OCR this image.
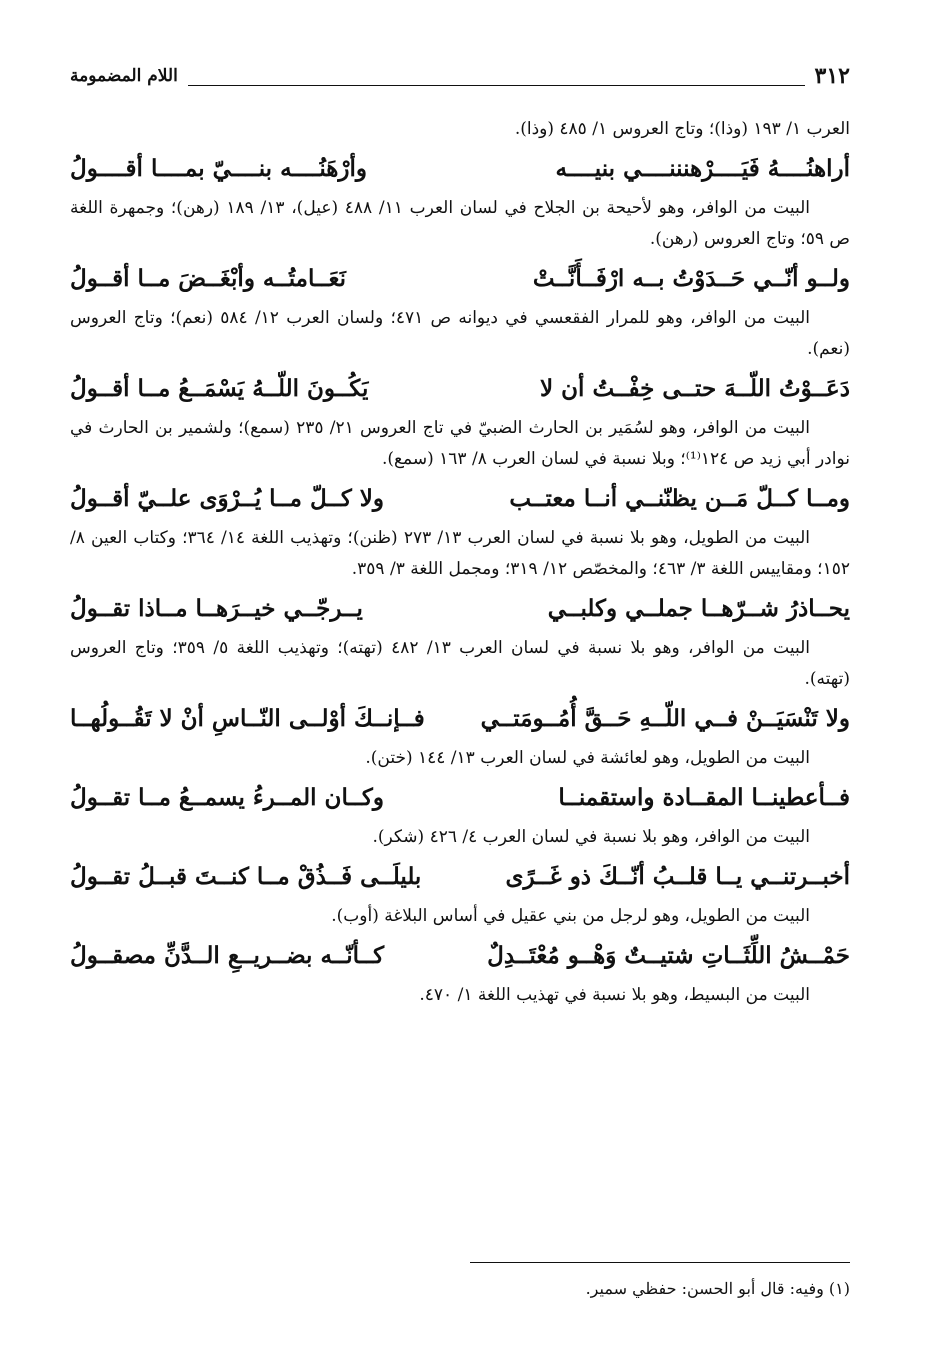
٣١٢
اللام المضمومة

العرب ١/ ١٩٣ (وذا)؛ وتاج العروس ١/ ٤٨٥ (وذا).

أراهنُــــهُ فَيَــــرْهنننــــي بنيــــه
وأرْهَنُــــه بنــــيّ بمــــا أقــــولُ

البيت من الوافر، وهو لأحيحة بن الجلاح في لسان العرب ١١/ ٤٨٨ (عيل)، ١٣/ ١٨٩ (رهن)؛ وجمهرة اللغة ص ٥٩؛ وتاج العروس (رهن).

ولــو أنّــي حَــدَوْتُ بــه ارْفَــأَنَّــتْ
نَعَــامتُــه وأبْغَــضَ مــا أقــولُ

البيت من الوافر، وهو للمرار الفقعسي في ديوانه ص ٤٧١؛ ولسان العرب ١٢/ ٥٨٤ (نعم)؛ وتاج العروس (نعم).

دَعَــوْتُ اللّــهَ حتــى خِفْــتُ أن لا
يَكُــونَ اللّــهُ يَسْمَــعُ مــا أقــولُ

البيت من الوافر، وهو لسُمَير بن الحارث الضبيّ في تاج العروس ٢١/ ٢٣٥ (سمع)؛ ولشمير بن الحارث في نوادر أبي زيد ص ١٢٤⁽¹⁾؛ وبلا نسبة في لسان العرب ٨/ ١٦٣ (سمع).

ومــا كــلّ مَــن يظنّنــي أنــا معتــب
ولا كــلّ مــا يُــرْوَى علــيّ أقــولُ

البيت من الطويل، وهو بلا نسبة في لسان العرب ١٣/ ٢٧٣ (ظنن)؛ وتهذيب اللغة ١٤/ ٣٦٤؛ وكتاب العين ٨/ ١٥٢؛ ومقاييس اللغة ٣/ ٤٦٣؛ والمخصّص ١٢/ ٣١٩؛ ومجمل اللغة ٣/ ٣٥٩.

يحــاذرُ شــرّهــا جملــي وكلبــي
يــرجّــي خيــرَهــا مــاذا تقــولُ

البيت من الوافر، وهو بلا نسبة في لسان العرب ١٣/ ٤٨٢ (تهته)؛ وتهذيب اللغة ٥/ ٣٥٩؛ وتاج العروس (تهته).

ولا تَنْسَيَــنْ فــي اللّــهِ حَــقَّ أُمُــومَتــي
فــإنــكَ أوْلــى النّــاسِ أنْ لا تَقُــولُهــا

البيت من الطويل، وهو لعائشة في لسان العرب ١٣/ ١٤٤ (ختن).

فــأعطينــا المقــادة واستقمنــا
وكــان المــرءُ يسمــعُ مــا تقــولُ

البيت من الوافر، وهو بلا نسبة في لسان العرب ٤/ ٤٢٦ (شكر).

أخبــرتنــي يــا قلــبُ أنّــكَ ذو غَــرًى
بليلَــى فَــذُقْ مــا كنــتَ قبــلُ تقــولُ

البيت من الطويل، وهو لرجل من بني عقيل في أساس البلاغة (أوب).

حَمْــشُ اللِّثَــاتِ شتيــتٌ وَهْــو مُعْتَــدِلٌ
كــأنّــه بضــريــعِ الــدَّنِّ مصقــولُ

البيت من البسيط، وهو بلا نسبة في تهذيب اللغة ١/ ٤٧٠.

(١) وفيه: قال أبو الحسن: حفظي سمير.
